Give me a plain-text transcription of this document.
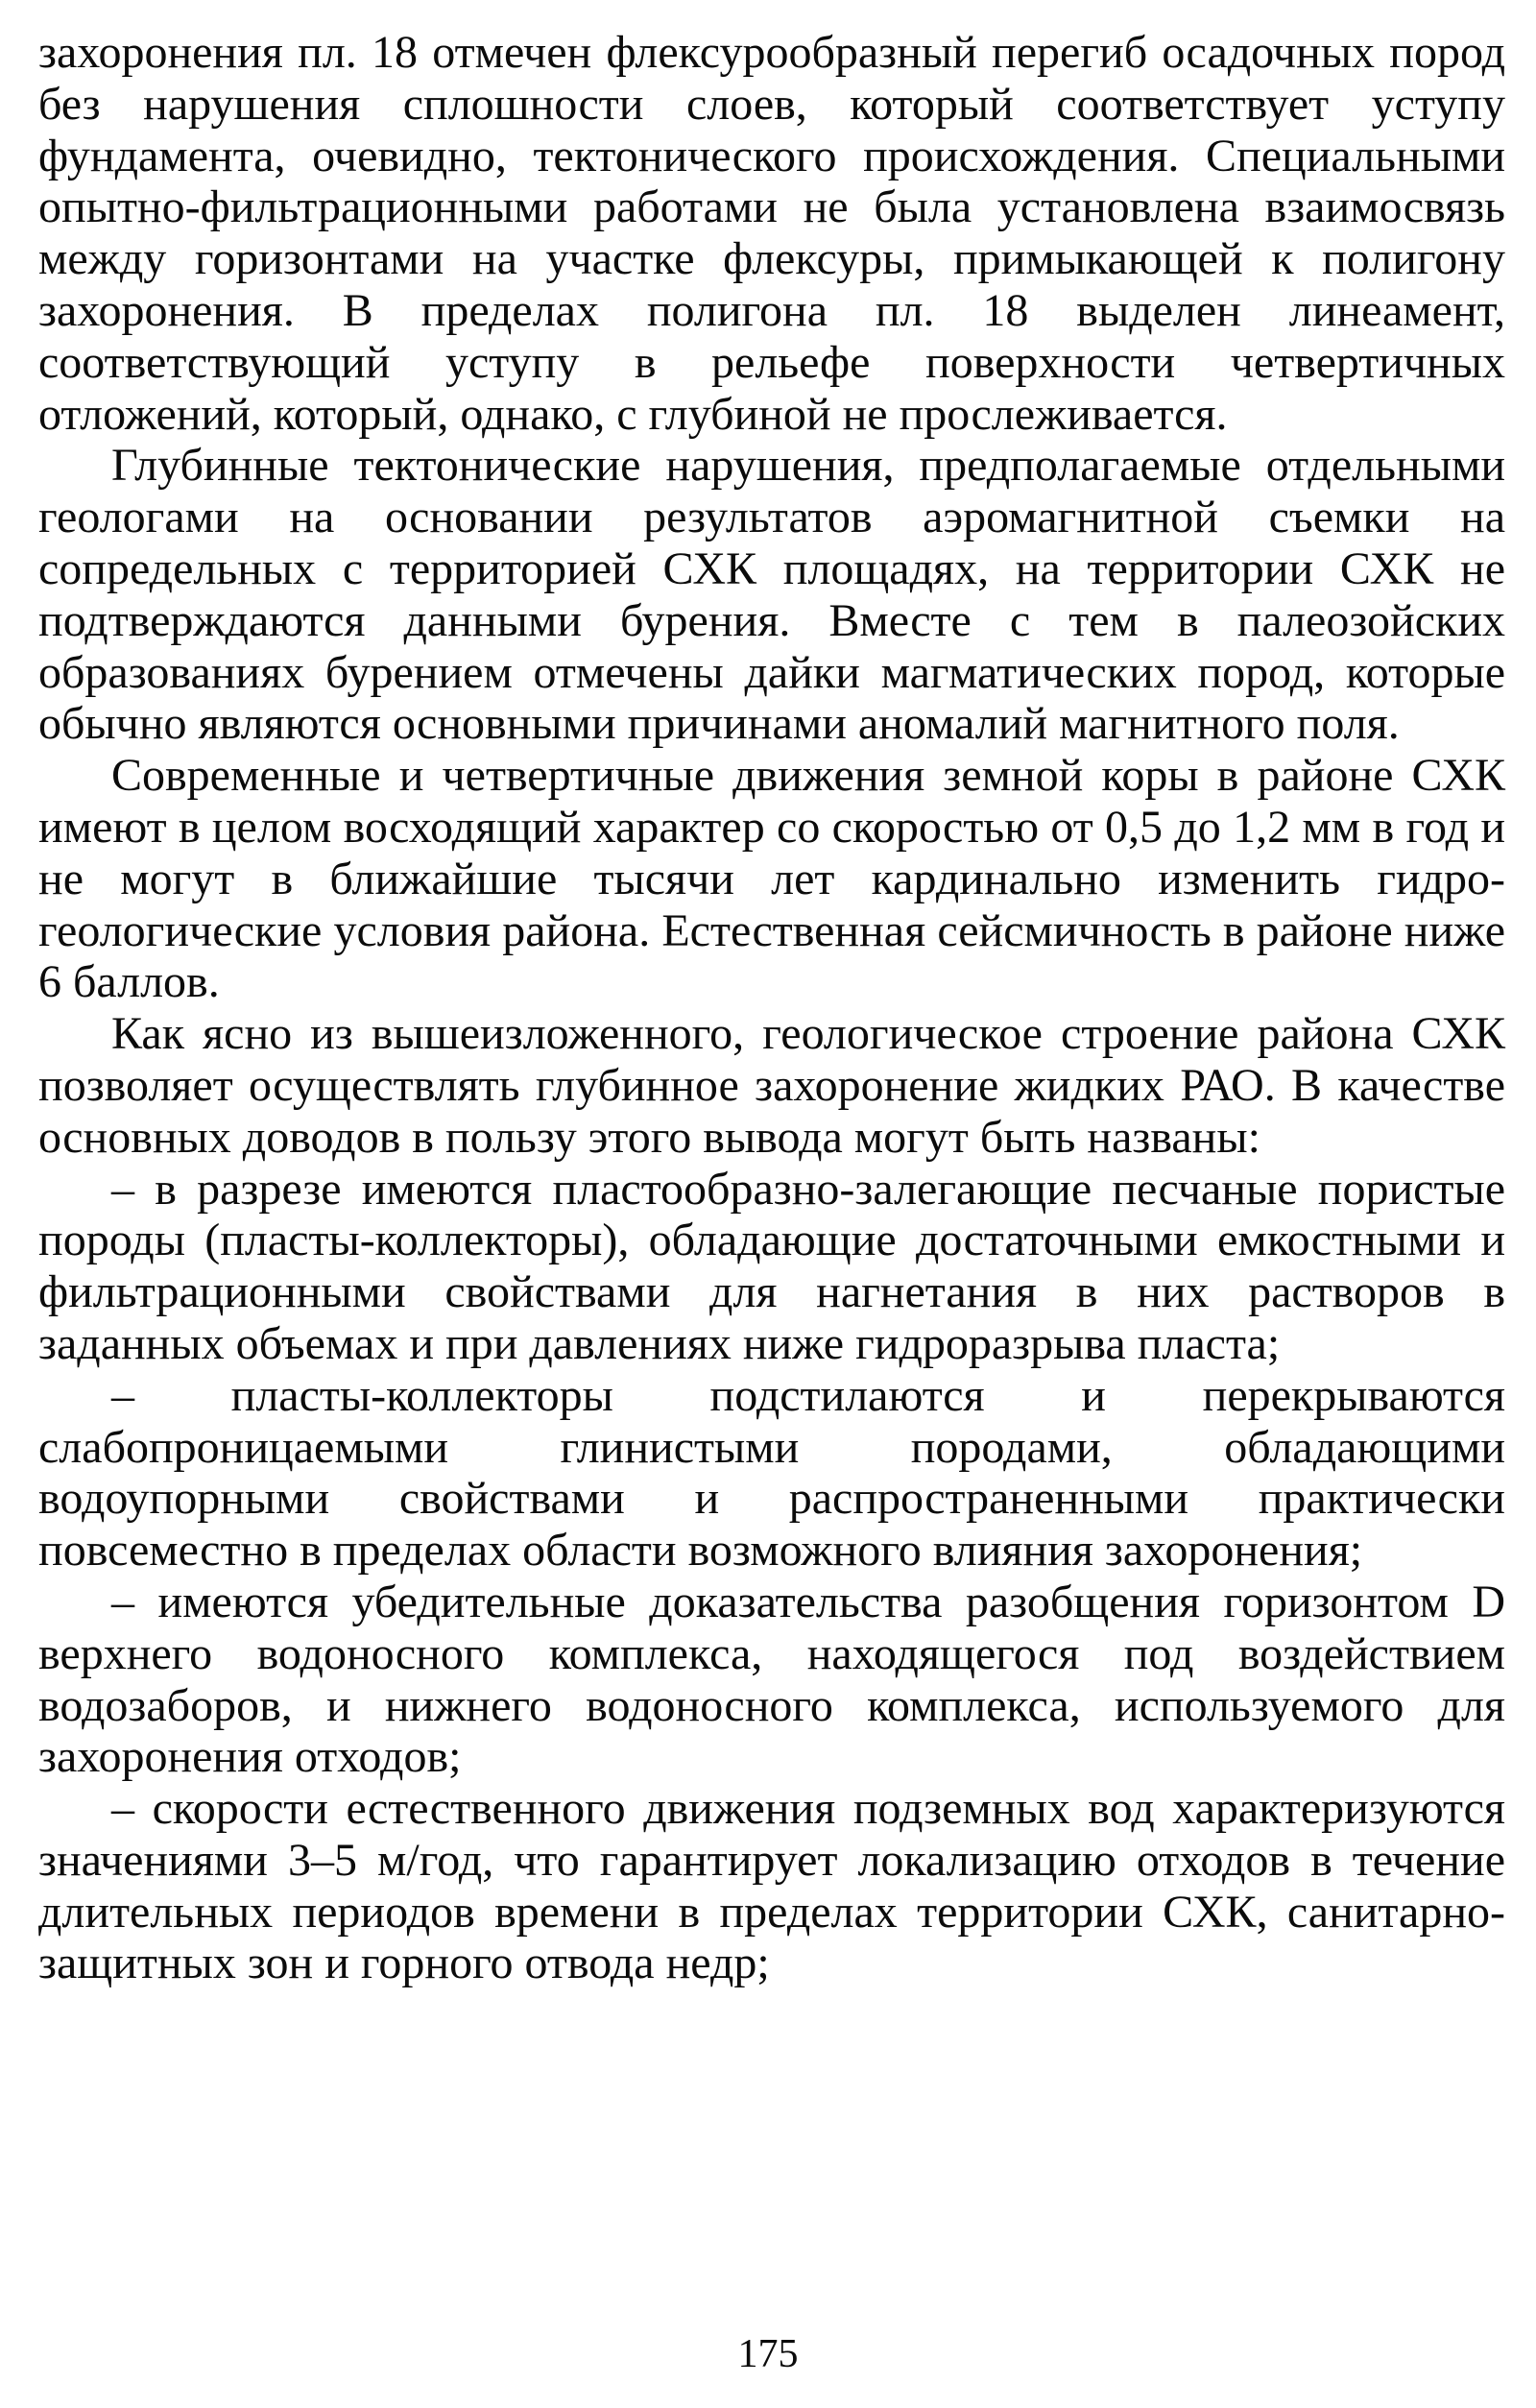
захоронения пл. 18 отмечен флексурообразный перегиб осадочных пород без нарушения сплошности слоев, который соответствует уступу фундамента, очевидно, тектонического происхождения. Специальными опытно-фильтрационными работами не была установлена взаимосвязь между горизонтами на участке флексуры, примыкающей к полигону захоронения. В пределах полигона пл. 18 выделен линеамент, соответствующий уступу в рельефе поверхности четвертичных отложений, который, однако, с глубиной не прослеживается.

Глубинные тектонические нарушения, предполагаемые отдельными геологами на основании результатов аэромагнитной съемки на сопредельных с территорией СХК площадях, на территории СХК не подтверждаются данными бурения. Вместе с тем в палеозойских образованиях бурением отмечены дайки магматических пород, которые обычно являются основными причинами аномалий магнитного поля.

Современные и четвертичные движения земной коры в районе СХК имеют в целом восходящий характер со скоростью от 0,5 до 1,2 мм в год и не могут в ближайшие тысячи лет кардинально изменить гидро-геологические условия района. Естественная сейсмичность в районе ниже 6 баллов.

Как ясно из вышеизложенного, геологическое строение района СХК позволяет осуществлять глубинное захоронение жидких РАО. В качестве основных доводов в пользу этого вывода могут быть названы:

– в разрезе имеются пластообразно-залегающие песчаные пористые породы (пласты-коллекторы), обладающие достаточными емкостными и фильтрационными свойствами для нагнетания в них растворов в заданных объемах и при давлениях ниже гидроразрыва пласта;

– пласты-коллекторы подстилаются и перекрываются слабопроницаемыми глинистыми породами, обладающими водоупорными свойствами и распространенными практически повсеместно в пределах области возможного влияния захоронения;

– имеются убедительные доказательства разобщения горизонтом D верхнего водоносного комплекса, находящегося под воздействием водозаборов, и нижнего водоносного комплекса, используемого для захоронения отходов;

– скорости естественного движения подземных вод характеризуются значениями 3–5 м/год, что гарантирует локализацию отходов в течение длительных периодов времени в пределах территории СХК, санитарно-защитных зон и горного отвода недр;

175
